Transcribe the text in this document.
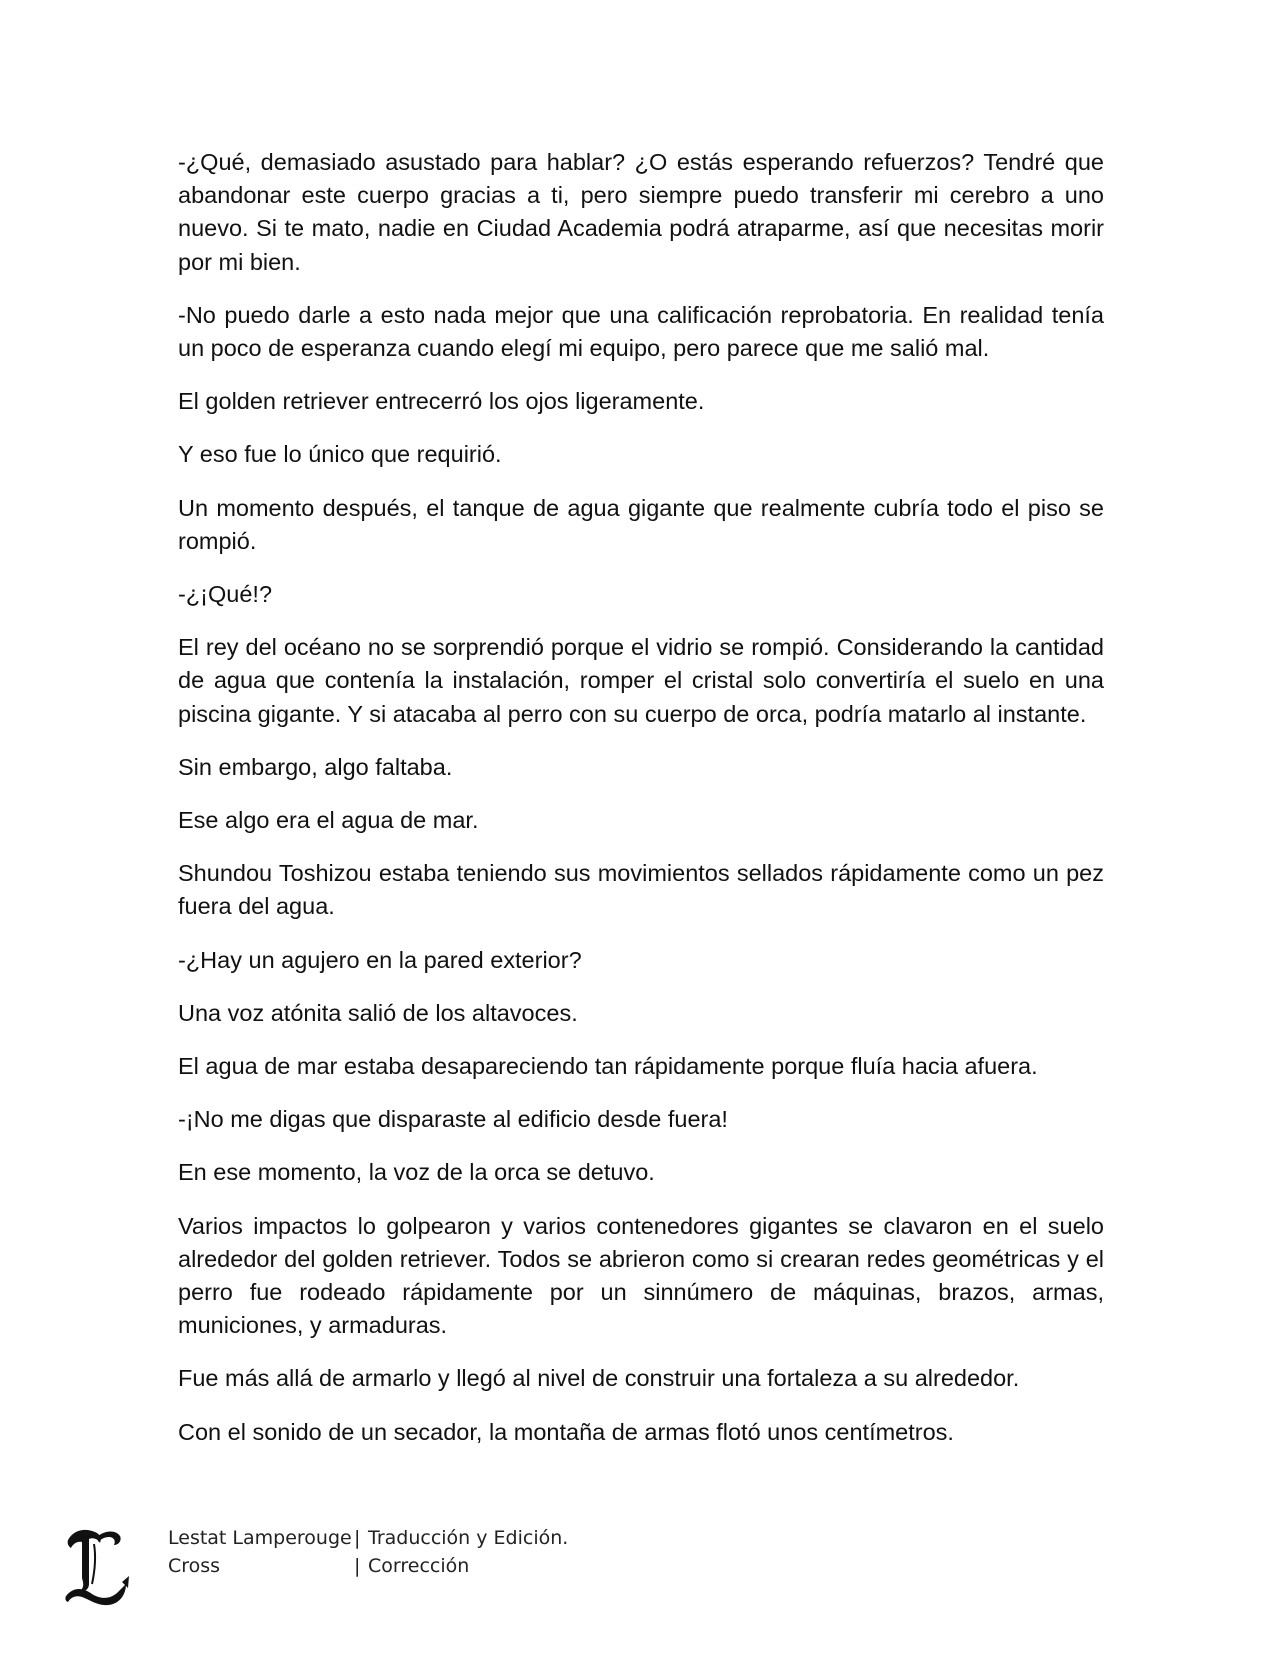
-¿Qué, demasiado asustado para hablar? ¿O estás esperando refuerzos? Tendré que abandonar este cuerpo gracias a ti, pero siempre puedo transferir mi cerebro a uno nuevo. Si te mato, nadie en Ciudad Academia podrá atraparme, así que necesitas morir por mi bien.

-No puedo darle a esto nada mejor que una calificación reprobatoria. En realidad tenía un poco de esperanza cuando elegí mi equipo, pero parece que me salió mal.

El golden retriever entrecerró los ojos ligeramente.

Y eso fue lo único que requirió.

Un momento después, el tanque de agua gigante que realmente cubría todo el piso se rompió.

-¿¡Qué!?

El rey del océano no se sorprendió porque el vidrio se rompió. Considerando la cantidad de agua que contenía la instalación, romper el cristal solo convertiría el suelo en una piscina gigante. Y si atacaba al perro con su cuerpo de orca, podría matarlo al instante.

Sin embargo, algo faltaba.

Ese algo era el agua de mar.

Shundou Toshizou estaba teniendo sus movimientos sellados rápidamente como un pez fuera del agua.

-¿Hay un agujero en la pared exterior?

Una voz atónita salió de los altavoces.

El agua de mar estaba desapareciendo tan rápidamente porque fluía hacia afuera.

-¡No me digas que disparaste al edificio desde fuera!

En ese momento, la voz de la orca se detuvo.

Varios impactos lo golpearon y varios contenedores gigantes se clavaron en el suelo alrededor del golden retriever. Todos se abrieron como si crearan redes geométricas y el perro fue rodeado rápidamente por un sinnúmero de máquinas, brazos, armas, municiones, y armaduras.

Fue más allá de armarlo y llegó al nivel de construir una fortaleza a su alrededor.

Con el sonido de un secador, la montaña de armas flotó unos centímetros.

Lestat Lamperouge | Traducción y Edición.
Cross	| Corrección
